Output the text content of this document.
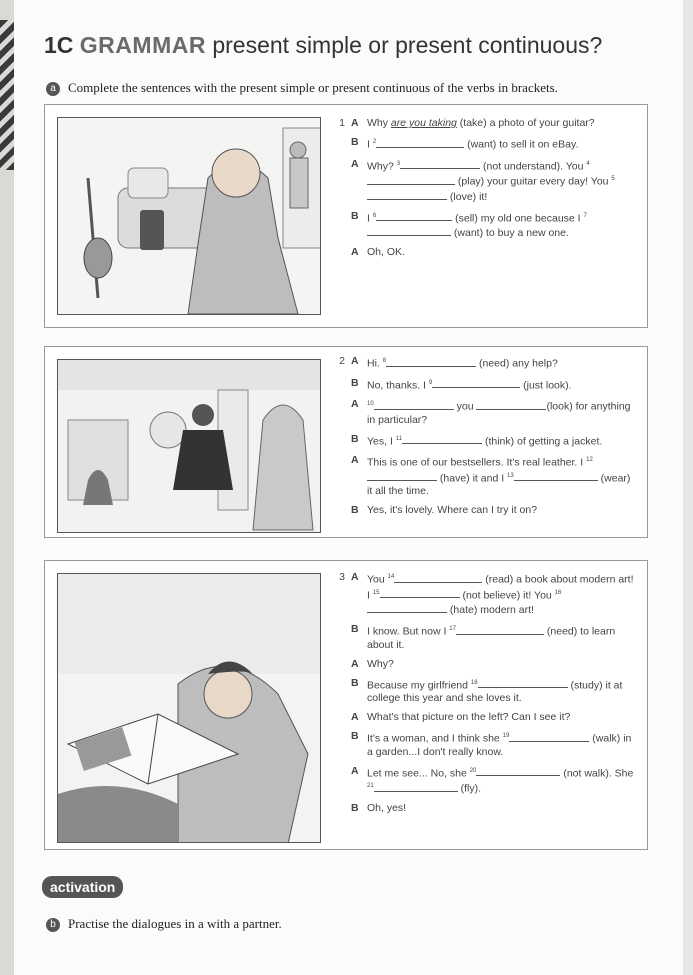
1C GRAMMAR present simple or present continuous?
a Complete the sentences with the present simple or present continuous of the verbs in brackets.
1 A Why are you taking (take) a photo of your guitar?
B I $^2$	(want) to sell it on eBay.
A Why? $^3$	(not understand). You $^4$ (play) your guitar every day! You $^5$ (love) it!
B I $^6$	(sell) my old one because I $^7$ (want) to buy a new one.
A Oh, OK.
2 A Hi. $^8$	(need) any help?
B No, thanks. I $^9$	(just look).
A $^{10}$	you	(look) for anything in particular?
B Yes, I $^{11}$	(think) of getting a jacket.
A This is one of our bestsellers. It's real leather. I $^{12}$ (have) it and I $^{13}$	(wear) it all the time.
B Yes, it's lovely. Where can I try it on?
3 A You $^{14}$	(read) a book about modern art! I $^{15}$	(not believe) it! You $^{16}$ (hate) modern art!
B I know. But now I $^{17}$	(need) to learn about it.
A Why?
B Because my girlfriend $^{18}$	(study) it at college this year and she loves it.
A What's that picture on the left? Can I see it?
B It's a woman, and I think she $^{19}$	(walk) in a garden...I don't really know.
A Let me see... No, she $^{20}$	(not walk). She $^{21}$	(fly).
B Oh, yes!
activation
b Practise the dialogues in a with a partner.
